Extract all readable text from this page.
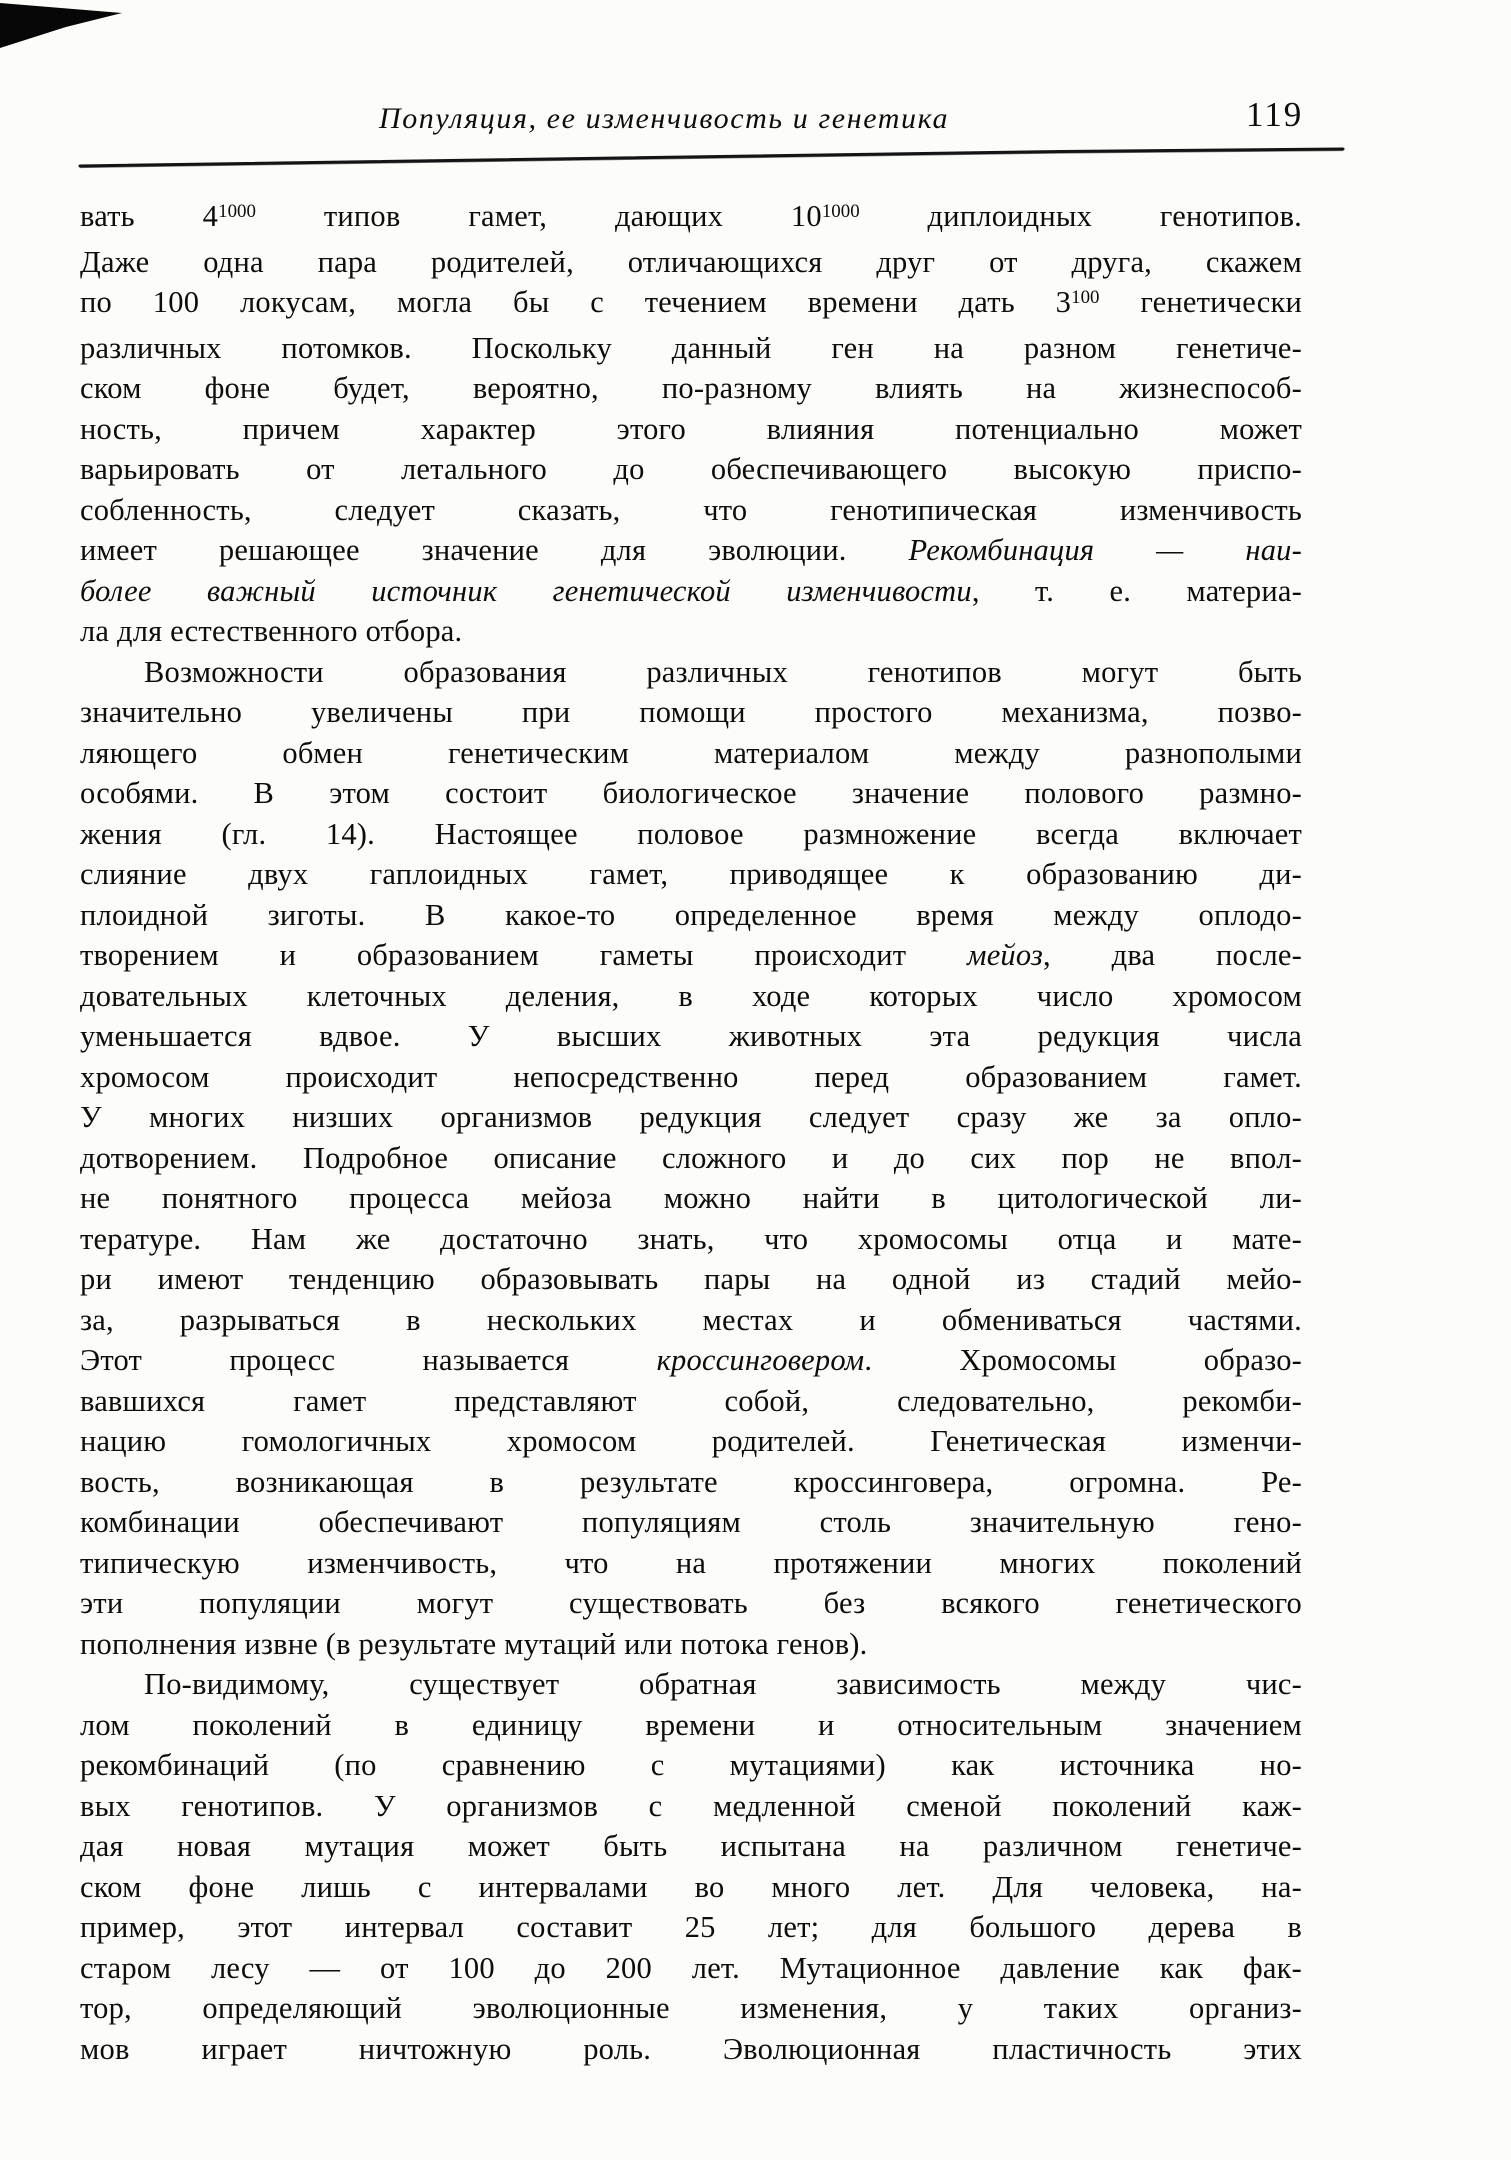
Популяция, ее изменчивость и генетика	119
вать $4^{1000}$ типов гамет, дающих $10^{1000}$ диплоидных генотипов.
Даже одна пара родителей, отличающихся друг от друга, скажем
по 100 локусам, могла бы с течением времени дать $3^{100}$ генетически
различных потомков. Поскольку данный ген на разном генетиче-
ском фоне будет, вероятно, по-разному влиять на жизнеспособ-
ность, причем характер этого влияния потенциально может
варьировать от летального до обеспечивающего высокую приспо-
собленность, следует сказать, что генотипическая изменчивость
имеет решающее значение для эволюции. Рекомбинация — наи-
более важный источник генетической изменчивости, т. е. материа-
ла для естественного отбора.
Возможности образования различных генотипов могут быть
значительно увеличены при помощи простого механизма, позво-
ляющего обмен генетическим материалом между разнополыми
особями. В этом состоит биологическое значение полового размно-
жения (гл. 14). Настоящее половое размножение всегда включает
слияние двух гаплоидных гамет, приводящее к образованию ди-
плоидной зиготы. В какое-то определенное время между оплодо-
творением и образованием гаметы происходит мейоз, два после-
довательных клеточных деления, в ходе которых число хромосом
уменьшается вдвое. У высших животных эта редукция числа
хромосом происходит непосредственно перед образованием гамет.
У многих низших организмов редукция следует сразу же за опло-
дотворением. Подробное описание сложного и до сих пор не впол-
не понятного процесса мейоза можно найти в цитологической ли-
тературе. Нам же достаточно знать, что хромосомы отца и мате-
ри имеют тенденцию образовывать пары на одной из стадий мейо-
за, разрываться в нескольких местах и обмениваться частями.
Этот процесс называется кроссинговером. Хромосомы образо-
вавшихся гамет представляют собой, следовательно, рекомби-
нацию гомологичных хромосом родителей. Генетическая изменчи-
вость, возникающая в результате кроссинговера, огромна. Ре-
комбинации обеспечивают популяциям столь значительную гено-
типическую изменчивость, что на протяжении многих поколений
эти популяции могут существовать без всякого генетического
пополнения извне (в результате мутаций или потока генов).
По-видимому, существует обратная зависимость между чис-
лом поколений в единицу времени и относительным значением
рекомбинаций (по сравнению с мутациями) как источника но-
вых генотипов. У организмов с медленной сменой поколений каж-
дая новая мутация может быть испытана на различном генетиче-
ском фоне лишь с интервалами во много лет. Для человека, на-
пример, этот интервал составит 25 лет; для большого дерева в
старом лесу — от 100 до 200 лет. Мутационное давление как фак-
тор, определяющий эволюционные изменения, у таких организ-
мов играет ничтожную роль. Эволюционная пластичность этих
